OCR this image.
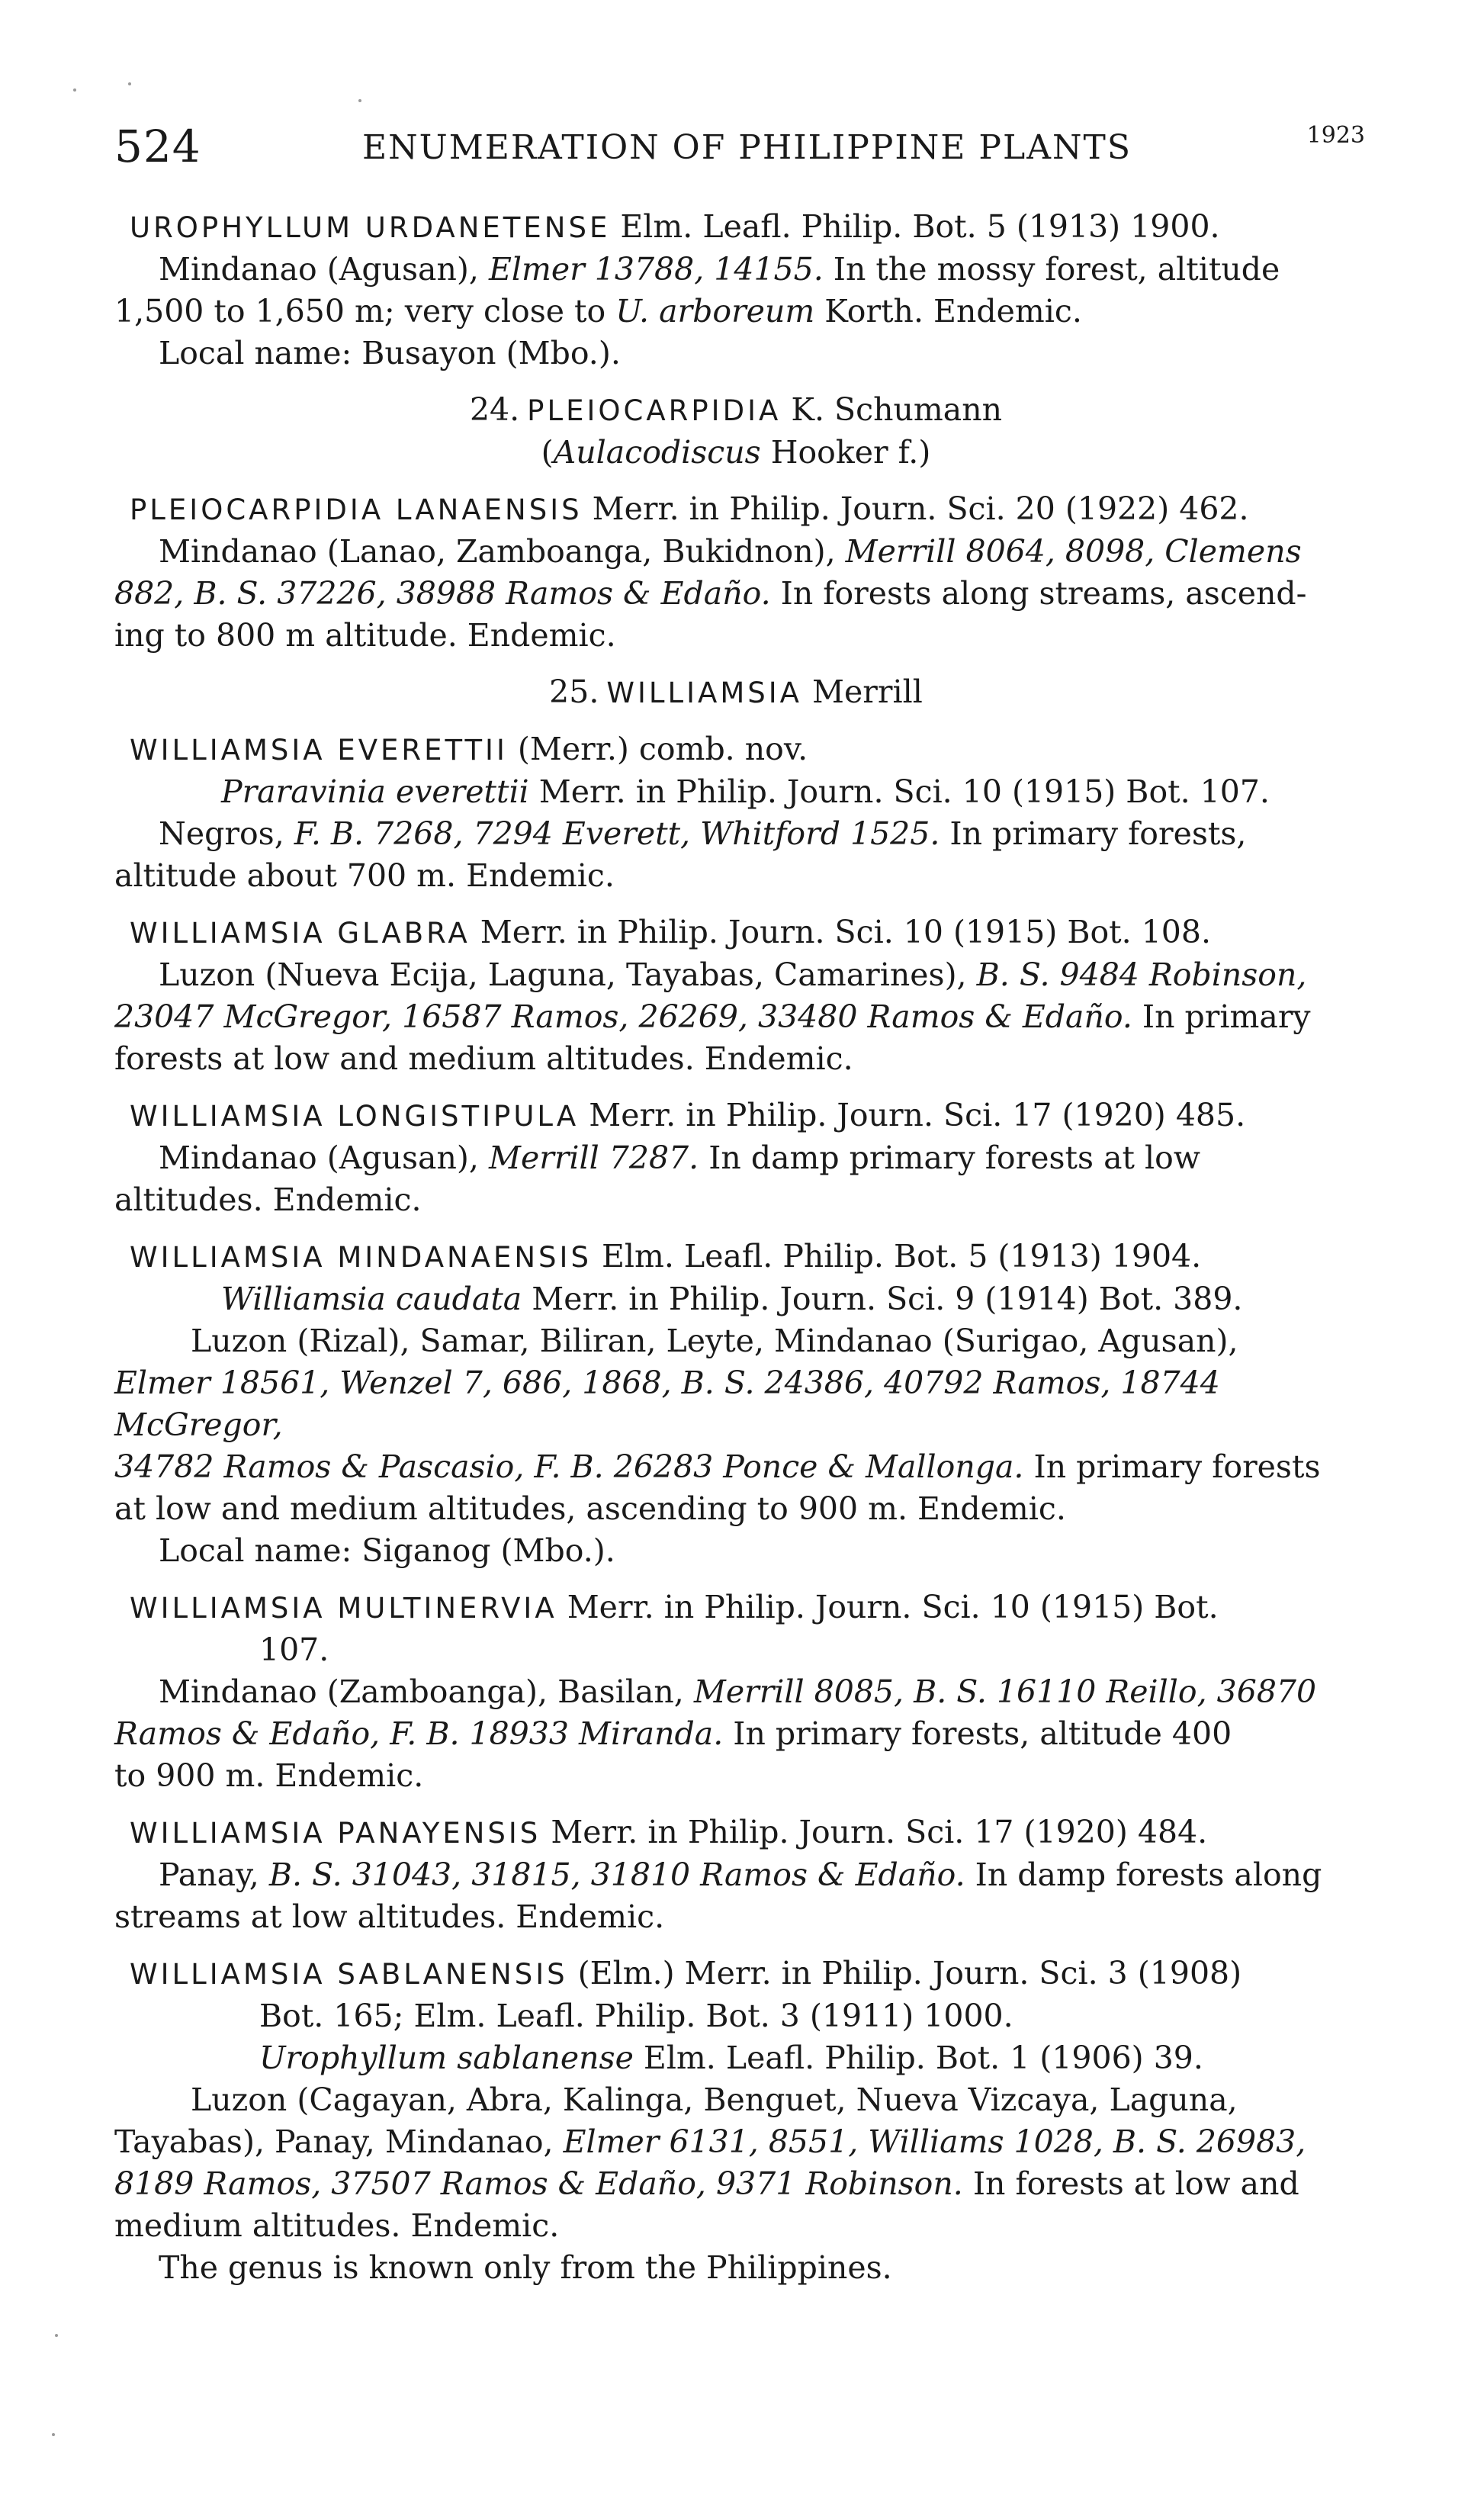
524	ENUMERATION OF PHILIPPINE PLANTS	1923
UROPHYLLUM URDANETENSE Elm. Leafl. Philip. Bot. 5 (1913) 1900.
Mindanao (Agusan), Elmer 13788, 14155. In the mossy forest, altitude
1,500 to 1,650 m; very close to U. arboreum Korth. Endemic.
Local name: Busayon (Mbo.).
24. PLEIOCARPIDIA K. Schumann
(Aulacodiscus Hooker f.)
PLEIOCARPIDIA LANAENSIS Merr. in Philip. Journ. Sci. 20 (1922) 462.
Mindanao (Lanao, Zamboanga, Bukidnon), Merrill 8064, 8098, Clemens
882, B. S. 37226, 38988 Ramos & Edaño. In forests along streams, ascend-
ing to 800 m altitude. Endemic.
25. WILLIAMSIA Merrill
WILLIAMSIA EVERETTII (Merr.) comb. nov.
Praravinia everettii Merr. in Philip. Journ. Sci. 10 (1915) Bot. 107.
Negros, F. B. 7268, 7294 Everett, Whitford 1525. In primary forests,
altitude about 700 m. Endemic.
WILLIAMSIA GLABRA Merr. in Philip. Journ. Sci. 10 (1915) Bot. 108.
Luzon (Nueva Ecija, Laguna, Tayabas, Camarines), B. S. 9484 Robinson,
23047 McGregor, 16587 Ramos, 26269, 33480 Ramos & Edaño. In primary
forests at low and medium altitudes. Endemic.
WILLIAMSIA LONGISTIPULA Merr. in Philip. Journ. Sci. 17 (1920) 485.
Mindanao (Agusan), Merrill 7287. In damp primary forests at low
altitudes. Endemic.
WILLIAMSIA MINDANAENSIS Elm. Leafl. Philip. Bot. 5 (1913) 1904.
Williamsia caudata Merr. in Philip. Journ. Sci. 9 (1914) Bot. 389.
Luzon (Rizal), Samar, Biliran, Leyte, Mindanao (Surigao, Agusan),
Elmer 18561, Wenzel 7, 686, 1868, B. S. 24386, 40792 Ramos, 18744 McGregor,
34782 Ramos & Pascasio, F. B. 26283 Ponce & Mallonga. In primary forests
at low and medium altitudes, ascending to 900 m. Endemic.
Local name: Siganog (Mbo.).
WILLIAMSIA MULTINERVIA Merr. in Philip. Journ. Sci. 10 (1915) Bot.
107.
Mindanao (Zamboanga), Basilan, Merrill 8085, B. S. 16110 Reillo, 36870
Ramos & Edaño, F. B. 18933 Miranda. In primary forests, altitude 400
to 900 m. Endemic.
WILLIAMSIA PANAYENSIS Merr. in Philip. Journ. Sci. 17 (1920) 484.
Panay, B. S. 31043, 31815, 31810 Ramos & Edaño. In damp forests along
streams at low altitudes. Endemic.
WILLIAMSIA SABLANENSIS (Elm.) Merr. in Philip. Journ. Sci. 3 (1908)
Bot. 165; Elm. Leafl. Philip. Bot. 3 (1911) 1000.
Urophyllum sablanense Elm. Leafl. Philip. Bot. 1 (1906) 39.
Luzon (Cagayan, Abra, Kalinga, Benguet, Nueva Vizcaya, Laguna,
Tayabas), Panay, Mindanao, Elmer 6131, 8551, Williams 1028, B. S. 26983,
8189 Ramos, 37507 Ramos & Edaño, 9371 Robinson. In forests at low and
medium altitudes. Endemic.
The genus is known only from the Philippines.
